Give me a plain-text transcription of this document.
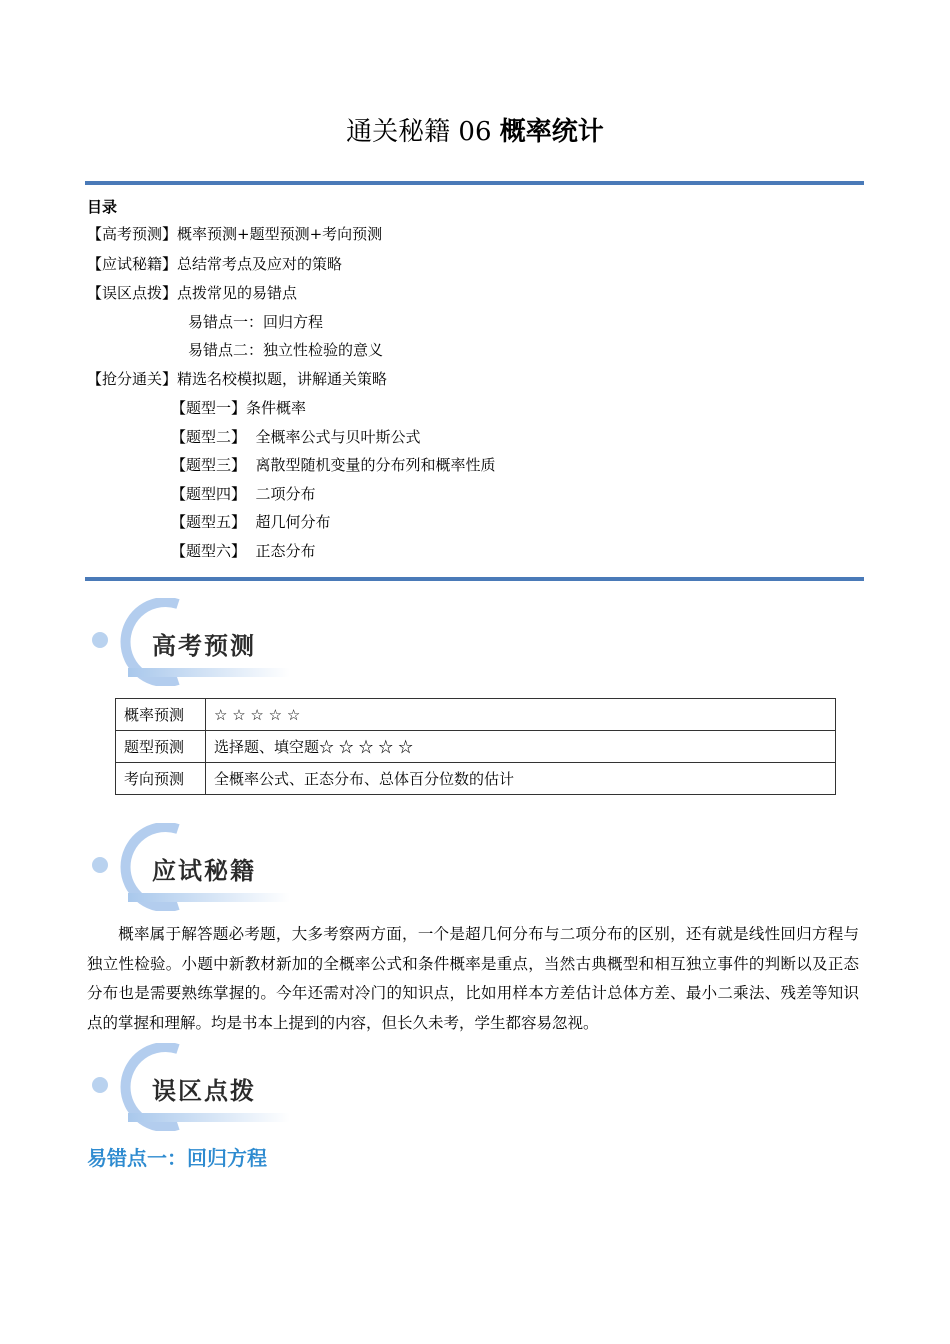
通关秘籍 06 概率统计
目录
【高考预测】概率预测+题型预测+考向预测
【应试秘籍】总结常考点及应对的策略
【误区点拨】点拨常见的易错点
易错点一：回归方程
易错点二：独立性检验的意义
【抢分通关】精选名校模拟题，讲解通关策略
【题型一】条件概率
【题型二】  全概率公式与贝叶斯公式
【题型三】  离散型随机变量的分布列和概率性质
【题型四】  二项分布
【题型五】  超几何分布
【题型六】  正态分布
高考预测
概率预测	☆ ☆ ☆ ☆ ☆
题型预测	选择题、填空题☆ ☆ ☆ ☆ ☆
考向预测	全概率公式、正态分布、总体百分位数的估计
应试秘籍
概率属于解答题必考题，大多考察两方面，一个是超几何分布与二项分布的区别，还有就是线性回归方程与独立性检验。小题中新教材新加的全概率公式和条件概率是重点，当然古典概型和相互独立事件的判断以及正态分布也是需要熟练掌握的。今年还需对冷门的知识点，比如用样本方差估计总体方差、最小二乘法、残差等知识点的掌握和理解。均是书本上提到的内容，但长久未考，学生都容易忽视。
误区点拨
易错点一：回归方程
